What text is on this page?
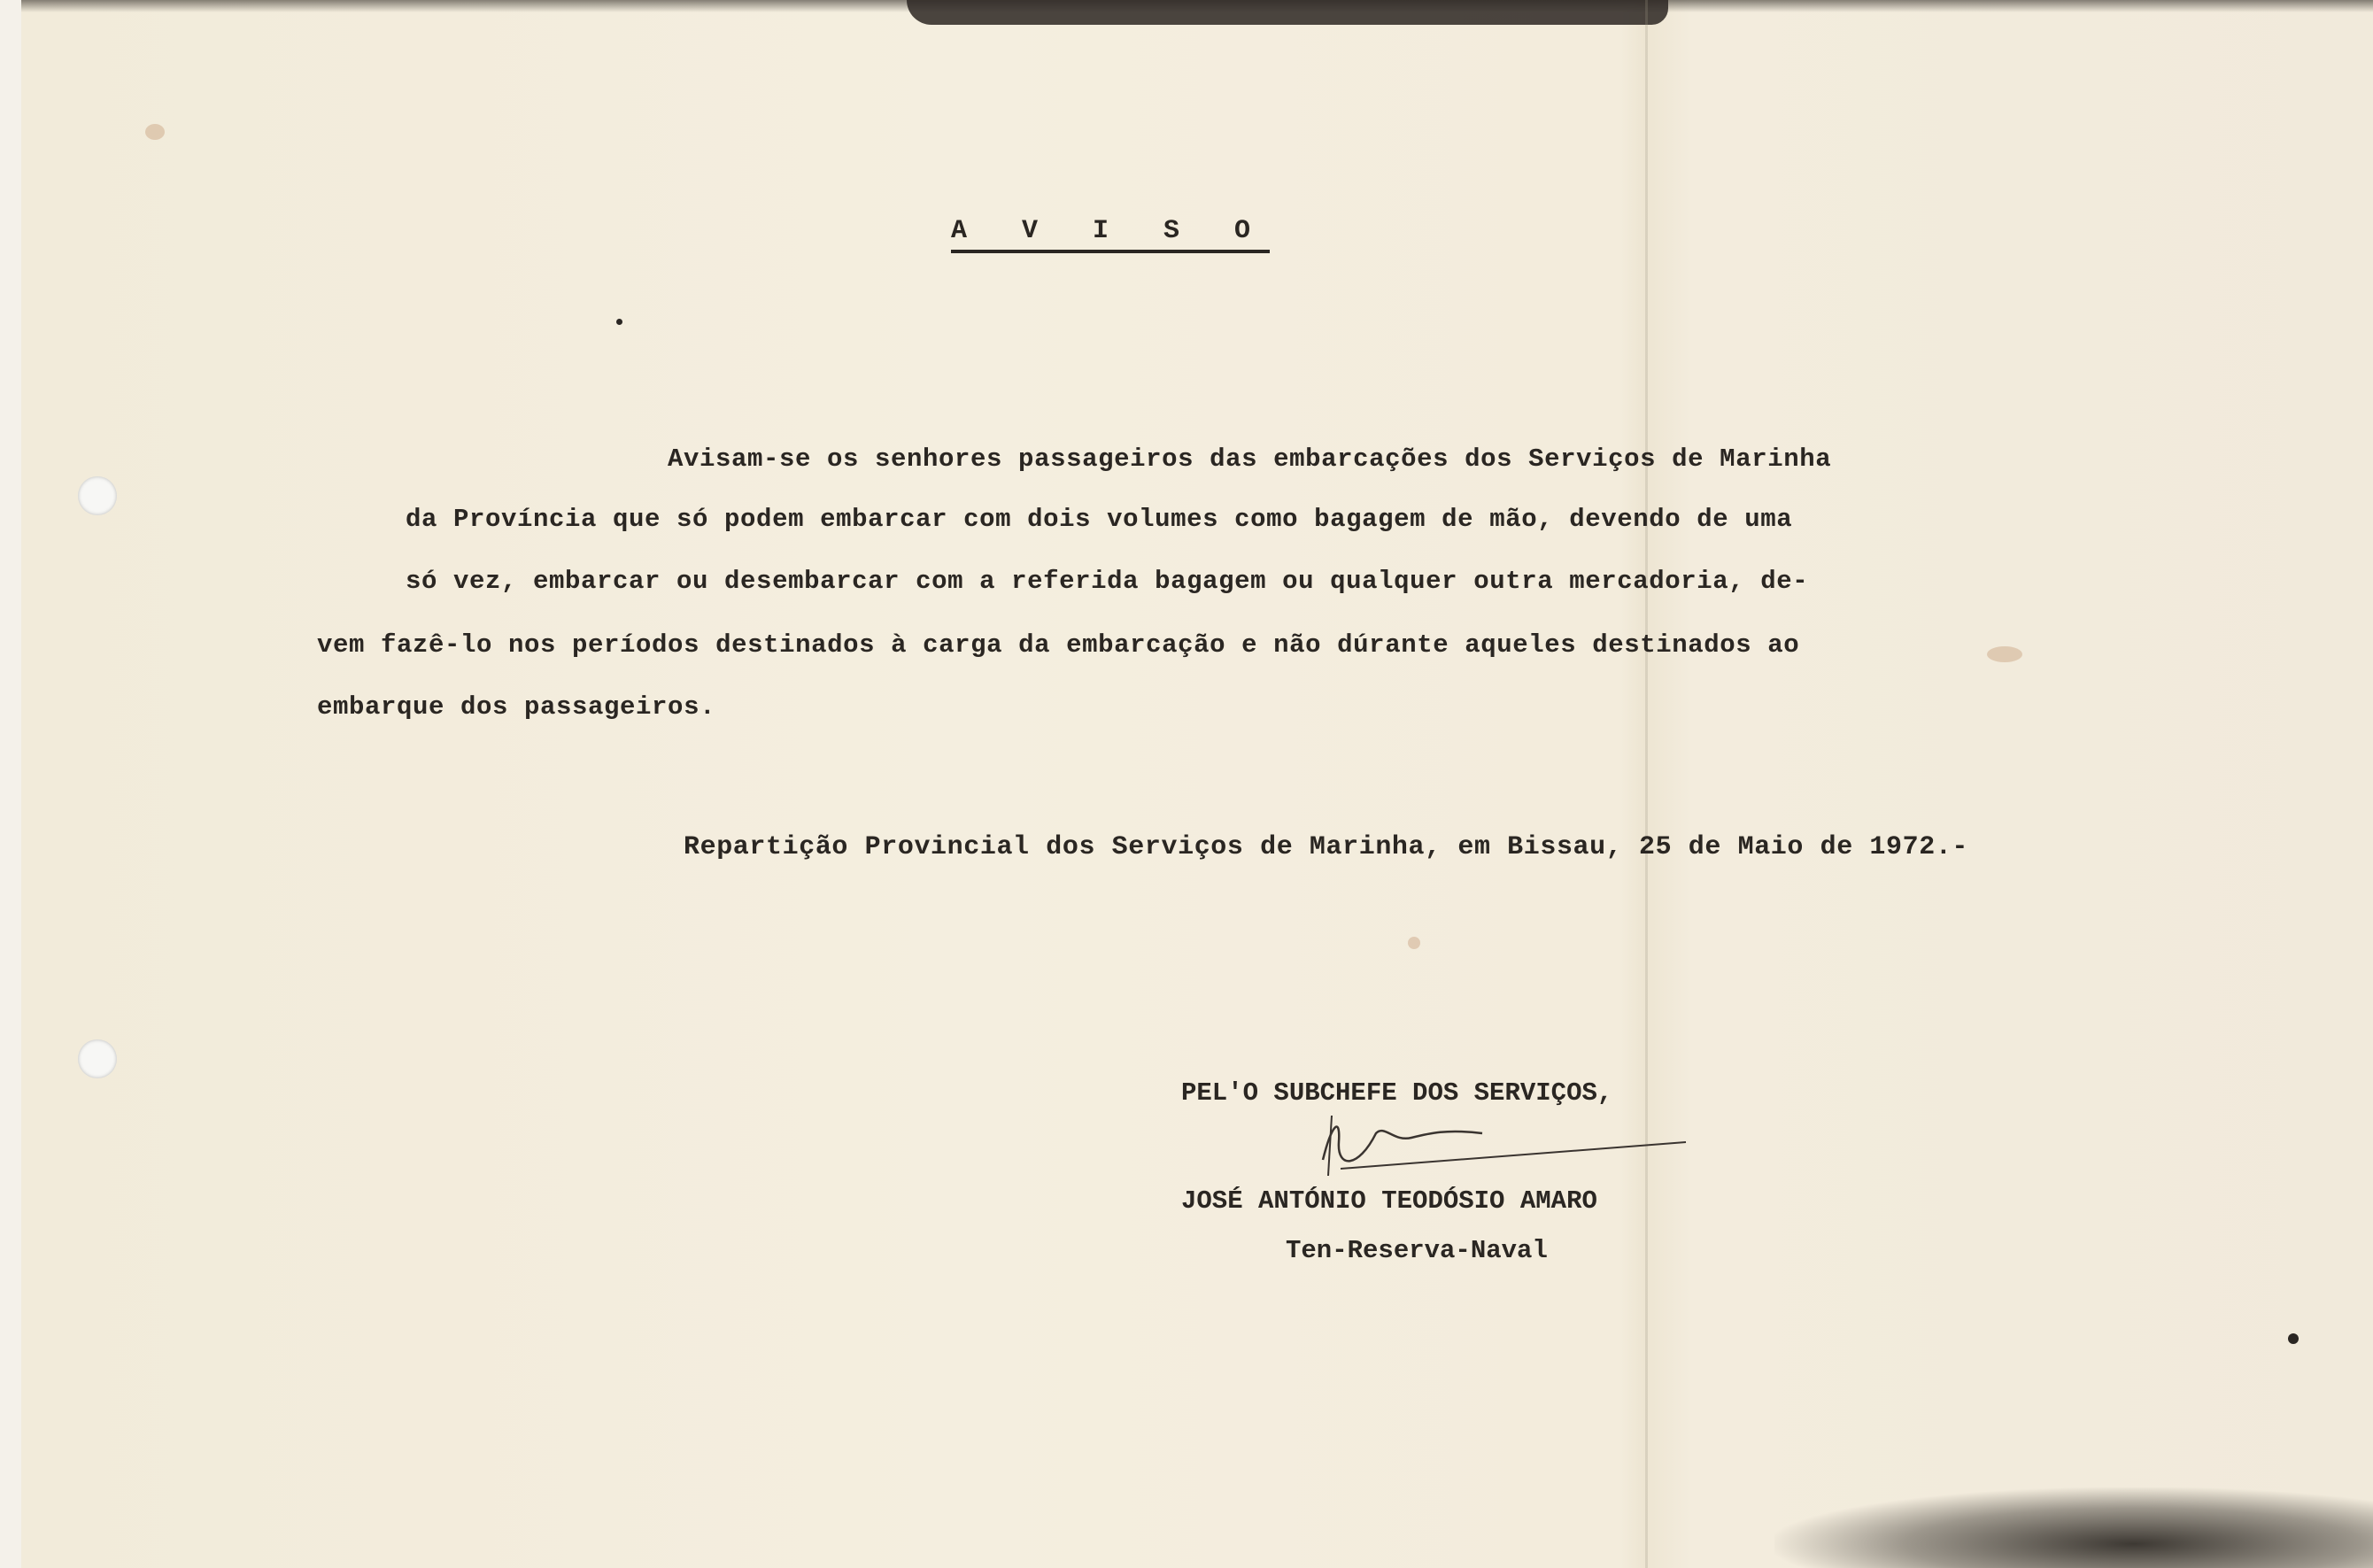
A V I S O
Avisam-se os senhores passageiros das embarcações dos Serviços de Marinha
da Província que só podem embarcar com dois volumes como bagagem de mão, devendo de uma
só vez, embarcar ou desembarcar com a referida bagagem ou qualquer outra mercadoria, de-
vem fazê-lo nos períodos destinados à carga da embarcação e não dúrante aqueles destinados ao
embarque dos passageiros.
Repartição Provincial dos Serviços de Marinha, em Bissau, 25 de Maio de 1972.-
PEL'O SUBCHEFE DOS SERVIÇOS,
JOSÉ ANTÓNIO TEODÓSIO AMARO
Ten-Reserva-Naval
